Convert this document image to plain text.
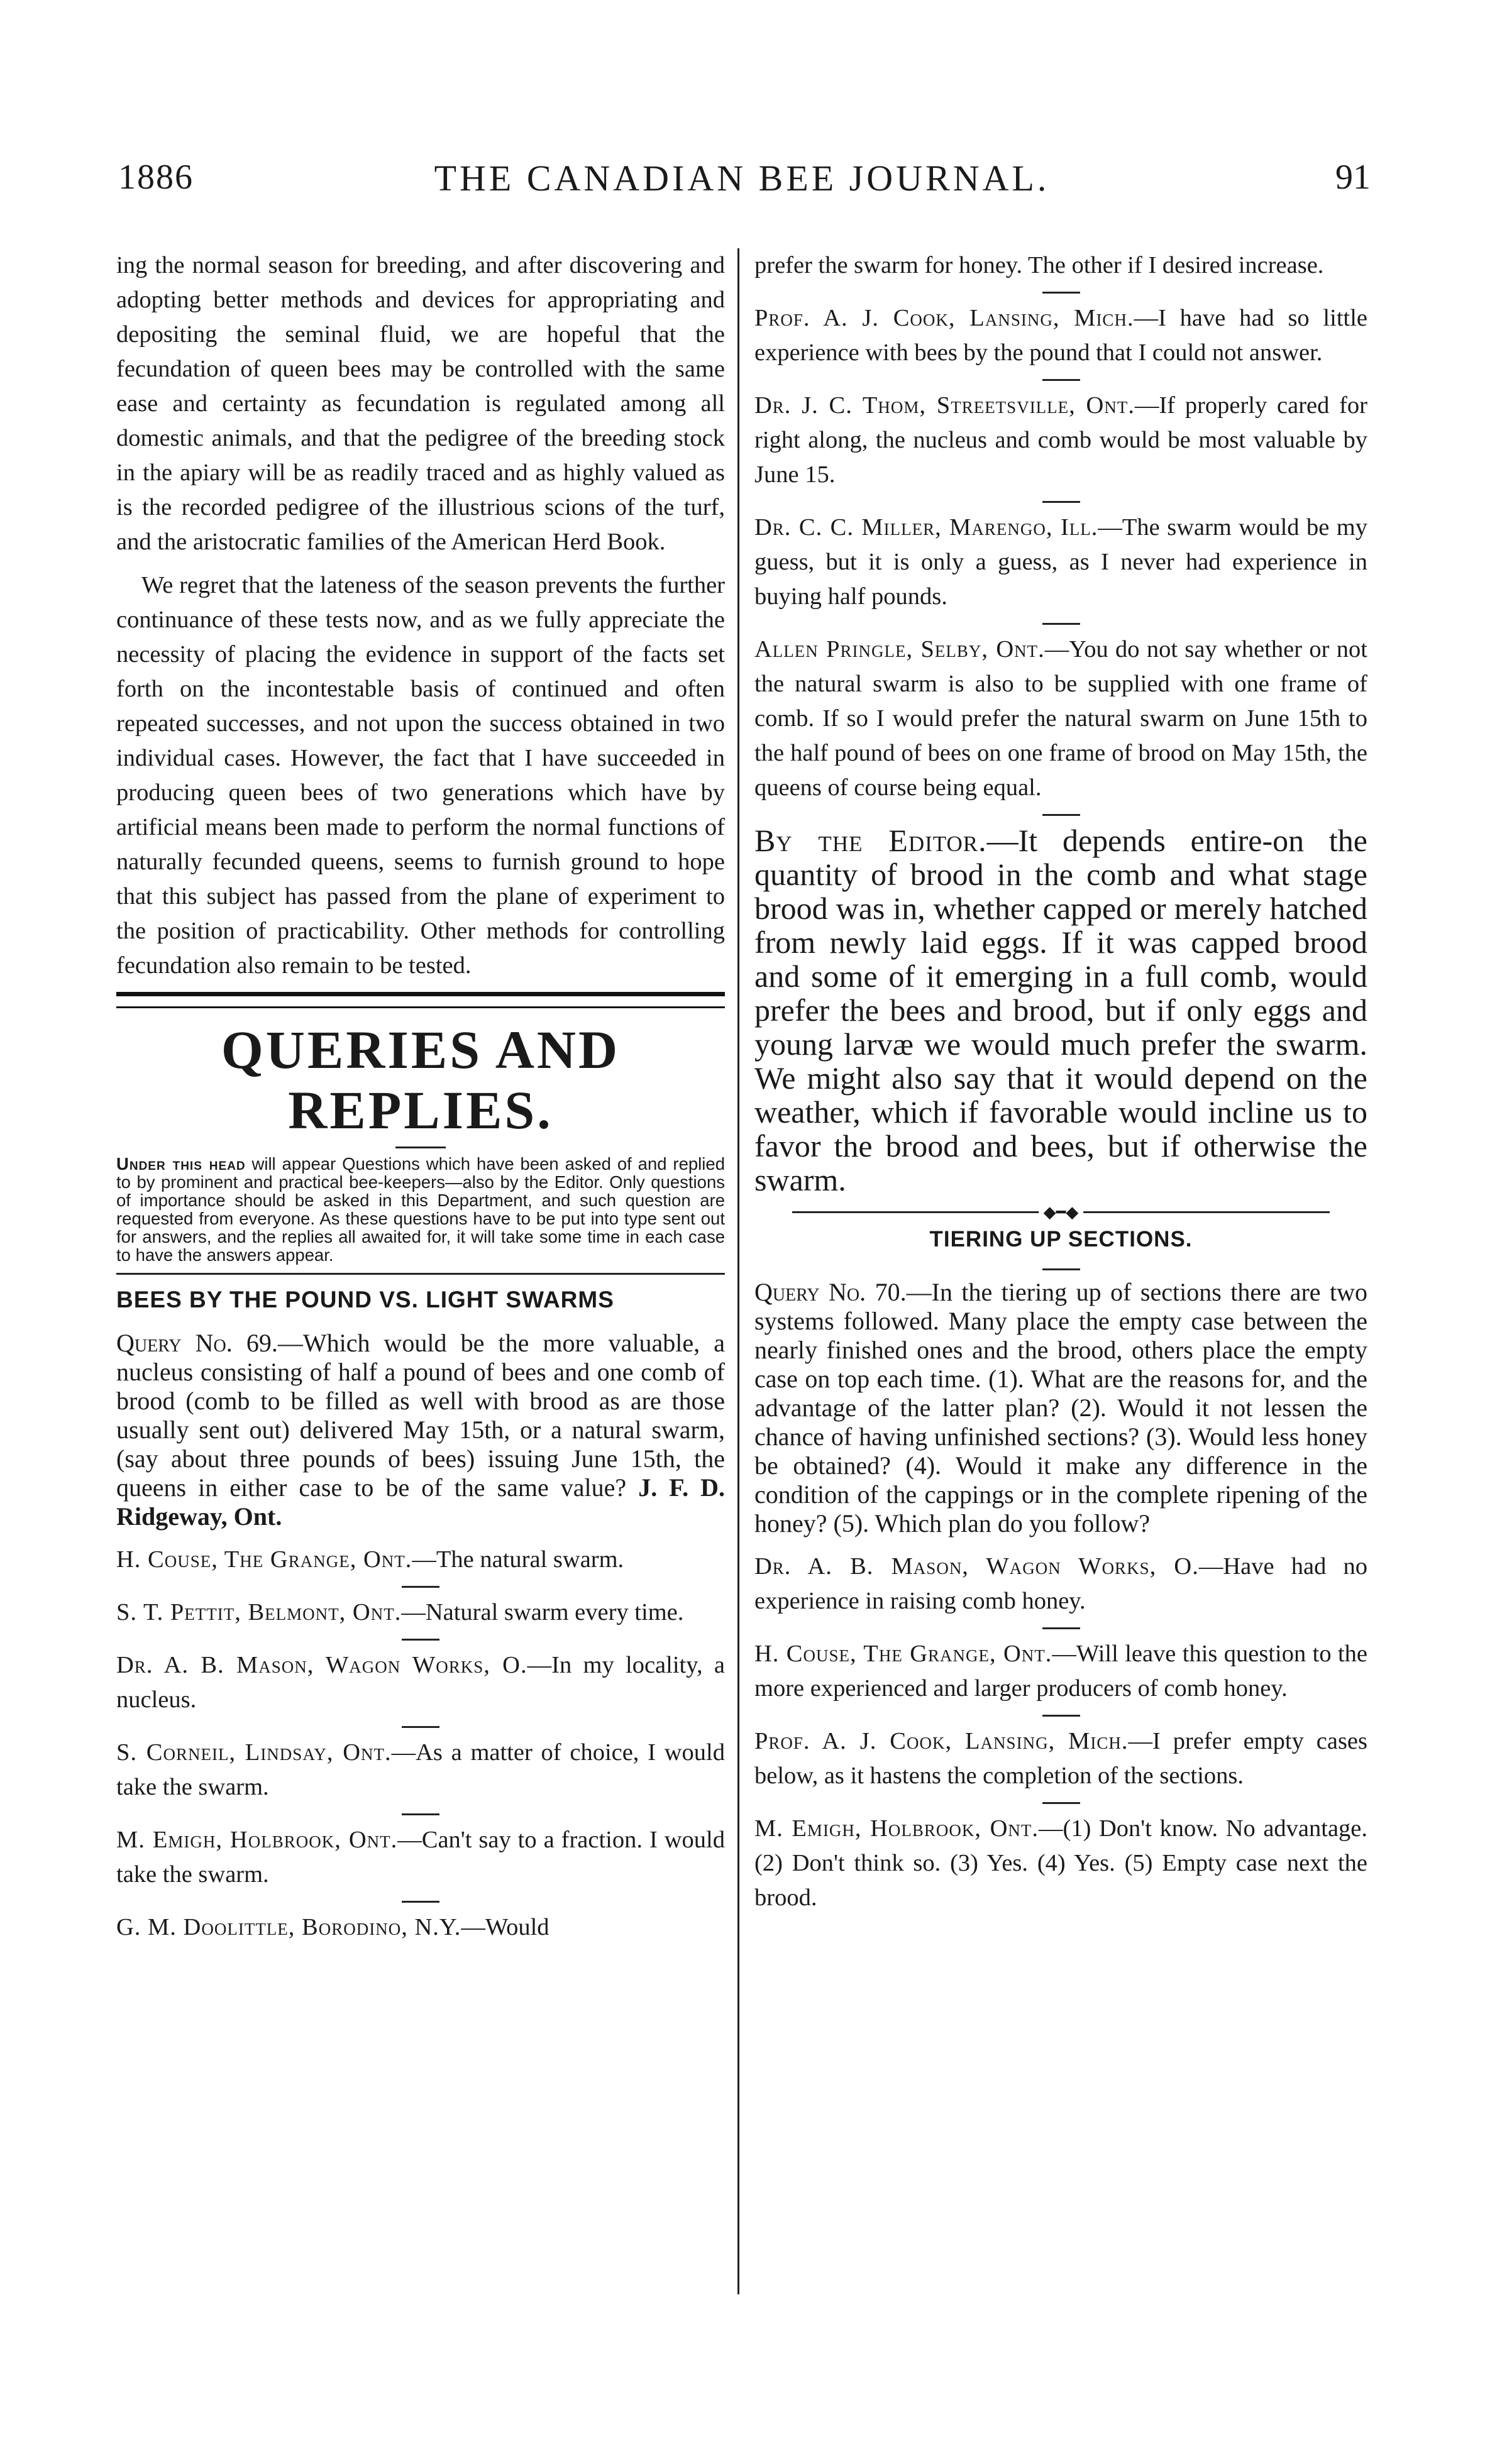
1886	THE CANADIAN BEE JOURNAL.	91

ing the normal season for breeding, and after discovering and adopting better methods and devices for appropriating and depositing the seminal fluid, we are hopeful that the fecundation of queen bees may be controlled with the same ease and certainty as fecundation is regulated among all domestic animals, and that the pedigree of the breeding stock in the apiary will be as readily traced and as highly valued as is the recorded pedigree of the illustrious scions of the turf, and the aristocratic families of the American Herd Book.

We regret that the lateness of the season prevents the further continuance of these tests now, and as we fully appreciate the necessity of placing the evidence in support of the facts set forth on the incontestable basis of continued and often repeated successes, and not upon the success obtained in two individual cases. However, the fact that I have succeeded in producing queen bees of two generations which have by artificial means been made to perform the normal functions of naturally fecunded queens, seems to furnish ground to hope that this subject has passed from the plane of experiment to the position of practicability. Other methods for controlling fecundation also remain to be tested.

QUERIES AND REPLIES.

Under this head will appear Questions which have been asked of and replied to by prominent and practical bee-keepers—also by the Editor. Only questions of importance should be asked in this Department, and such question are requested from everyone. As these questions have to be put into type sent out for answers, and the replies all awaited for, it will take some time in each case to have the answers appear.

BEES BY THE POUND VS. LIGHT SWARMS

Query No. 69.—Which would be the more valuable, a nucleus consisting of half a pound of bees and one comb of brood (comb to be filled as well with brood as are those usually sent out) delivered May 15th, or a natural swarm, (say about three pounds of bees) issuing June 15th, the queens in either case to be of the same value? J. F. D. Ridgeway, Ont.

H. Couse, The Grange, Ont.—The natural swarm.

S. T. Pettit, Belmont, Ont.—Natural swarm every time.

Dr. A. B. Mason, Wagon Works, O.—In my locality, a nucleus.

S. Corneil, Lindsay, Ont.—As a matter of choice, I would take the swarm.

M. Emigh, Holbrook, Ont.—Can't say to a fraction. I would take the swarm.

G. M. Doolittle, Borodino, N.Y.—Would

prefer the swarm for honey. The other if I desired increase.

Prof. A. J. Cook, Lansing, Mich.—I have had so little experience with bees by the pound that I could not answer.

Dr. J. C. Thom, Streetsville, Ont.—If properly cared for right along, the nucleus and comb would be most valuable by June 15.

Dr. C. C. Miller, Marengo, Ill.—The swarm would be my guess, but it is only a guess, as I never had experience in buying half pounds.

Allen Pringle, Selby, Ont.—You do not say whether or not the natural swarm is also to be supplied with one frame of comb. If so I would prefer the natural swarm on June 15th to the half pound of bees on one frame of brood on May 15th, the queens of course being equal.

By the Editor.—It depends entire-on the quantity of brood in the comb and what stage brood was in, whether capped or merely hatched from newly laid eggs. If it was capped brood and some of it emerging in a full comb, would prefer the bees and brood, but if only eggs and young larvæ we would much prefer the swarm. We might also say that it would depend on the weather, which if favorable would incline us to favor the brood and bees, but if otherwise the swarm.

◆━◆
TIERING UP SECTIONS.

Query No. 70.—In the tiering up of sections there are two systems followed. Many place the empty case between the nearly finished ones and the brood, others place the empty case on top each time. (1). What are the reasons for, and the advantage of the latter plan? (2). Would it not lessen the chance of having unfinished sections? (3). Would less honey be obtained? (4). Would it make any difference in the condition of the cappings or in the complete ripening of the honey? (5). Which plan do you follow?

Dr. A. B. Mason, Wagon Works, O.—Have had no experience in raising comb honey.

H. Couse, The Grange, Ont.—Will leave this question to the more experienced and larger producers of comb honey.

Prof. A. J. Cook, Lansing, Mich.—I prefer empty cases below, as it hastens the completion of the sections.

M. Emigh, Holbrook, Ont.—(1) Don't know. No advantage. (2) Don't think so. (3) Yes. (4) Yes. (5) Empty case next the brood.
